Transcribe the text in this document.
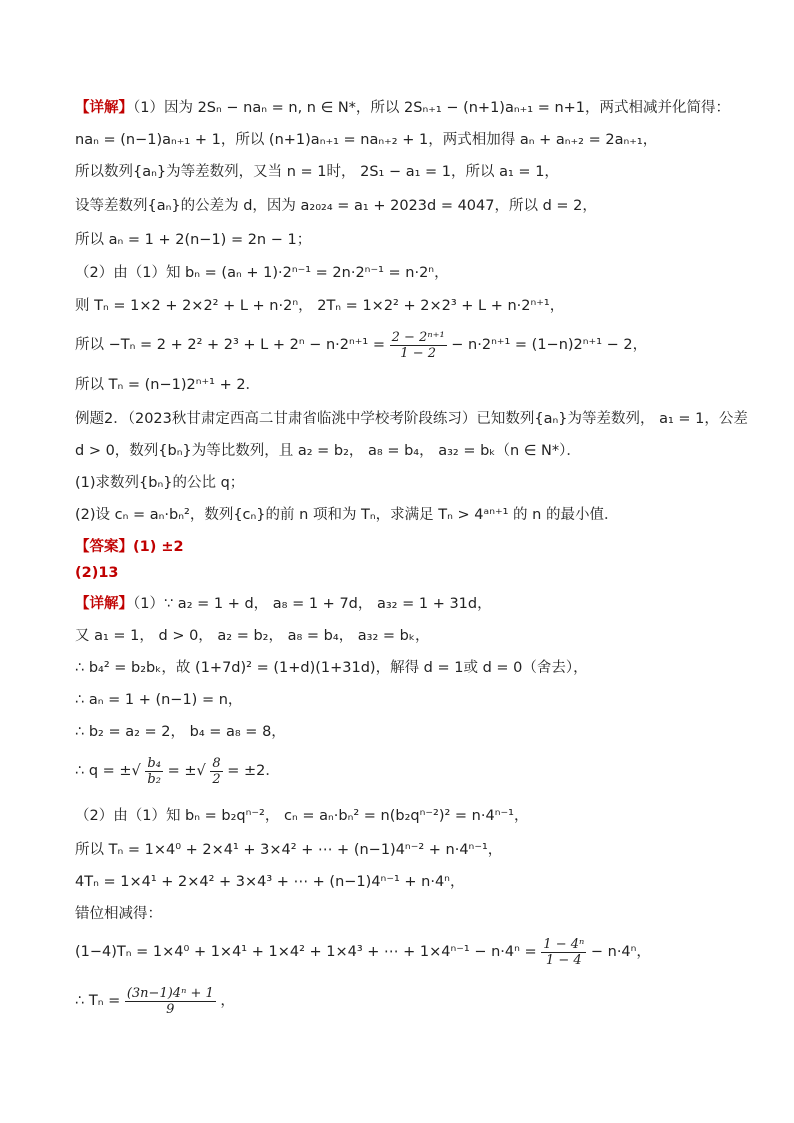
【详解】（1）因为 2Sₙ − naₙ = n, n ∈ N*，所以 2Sₙ₊₁ − (n+1)aₙ₊₁ = n+1，两式相减并化简得：
naₙ = (n−1)aₙ₊₁ + 1，所以 (n+1)aₙ₊₁ = naₙ₊₂ + 1，两式相加得 aₙ + aₙ₊₂ = 2aₙ₊₁，
所以数列{aₙ}为等差数列，又当 n = 1时， 2S₁ − a₁ = 1，所以 a₁ = 1，
设等差数列{aₙ}的公差为 d，因为 a₂₀₂₄ = a₁ + 2023d = 4047，所以 d = 2，
所以 aₙ = 1 + 2(n−1) = 2n − 1；
（2）由（1）知 bₙ = (aₙ + 1)·2ⁿ⁻¹ = 2n·2ⁿ⁻¹ = n·2ⁿ，
则 Tₙ = 1×2 + 2×2² + L + n·2ⁿ， 2Tₙ = 1×2² + 2×2³ + L + n·2ⁿ⁺¹，
所以 $-T_n = 2 + 2^2 + 2^3 + L + 2^n - n\cdot 2^{n+1} = \frac{\text{2 − 2ⁿ⁺¹}}{1 - 2} - n\cdot 2^{n+1} = (1-n)2^{n+1} - 2$，
所以 Tₙ = (n−1)2ⁿ⁺¹ + 2．
例题2．（2023秋甘肃定西高二甘肃省临洮中学校考阶段练习）已知数列{aₙ}为等差数列， a₁ = 1，公差
d > 0，数列{bₙ}为等比数列，且 a₂ = b₂， a₈ = b₄， a₃₂ = bₖ（n ∈ N*）．
(1)求数列{bₙ}的公比 q；
(2)设 cₙ = aₙ·bₙ²，数列{cₙ}的前 n 项和为 Tₙ，求满足 Tₙ > 4ᵃⁿ⁺¹ 的 n 的最小值．
【答案】(1) ±2
(2)13
【详解】（1）∵ a₂ = 1 + d， a₈ = 1 + 7d， a₃₂ = 1 + 31d，
又 a₁ = 1， d > 0， a₂ = b₂， a₈ = b₄， a₃₂ = bₖ，
∴ b₄² = b₂bₖ，故 (1+7d)² = (1+d)(1+31d)，解得 d = 1或 d = 0（舍去），
∴ aₙ = 1 + (n−1) = n，
∴ b₂ = a₂ = 2， b₄ = a₈ = 8，
∴ q = ±√ $\frac{\text{b₄}}{\text{b₂}}$ = ±√ $\frac{8}{2} = \pm 2$．
（2）由（1）知 bₙ = b₂qⁿ⁻²， cₙ = aₙ·bₙ² = n(b₂qⁿ⁻²)² = n·4ⁿ⁻¹，
所以 Tₙ = 1×4⁰ + 2×4¹ + 3×4² + ⋯ + (n−1)4ⁿ⁻² + n·4ⁿ⁻¹，
4Tₙ = 1×4¹ + 2×4² + 3×4³ + ⋯ + (n−1)4ⁿ⁻¹ + n·4ⁿ，
错位相减得：
(1−4)Tₙ = 1×4⁰ + 1×4¹ + 1×4² + 1×4³ + ⋯ + $1\times 4^{n-1} - n\cdot 4^n = \frac{\text{1 − 4ⁿ}}{1 - 4} - n\cdot 4^n$，
∴ $T_n = \frac{\text{(3n−1)4ⁿ + 1}}{9}$ ，
